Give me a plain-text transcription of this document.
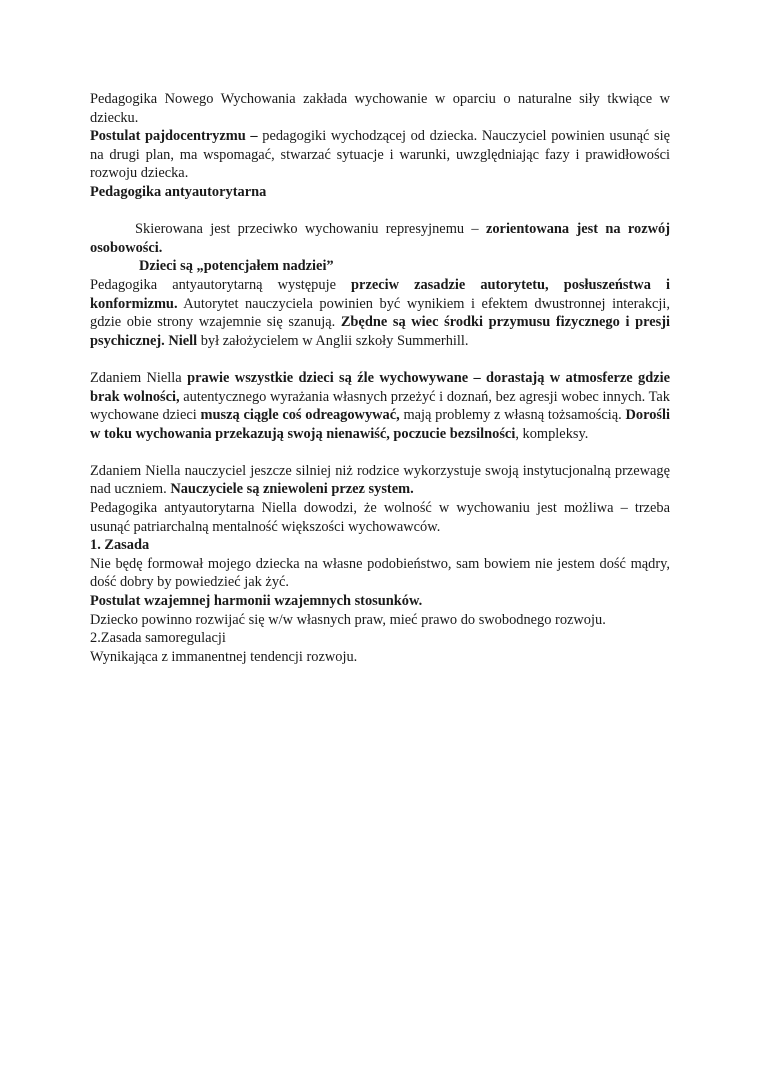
Pedagogika Nowego Wychowania zakłada wychowanie w oparciu o naturalne siły tkwiące w dziecku.

Postulat pajdocentryzmu – pedagogiki wychodzącej od dziecka. Nauczyciel powinien usunąć się na drugi plan, ma wspomagać, stwarzać sytuacje i warunki, uwzględniając fazy i prawidłowości rozwoju dziecka.

Pedagogika antyautorytarna

Skierowana jest przeciwko wychowaniu represyjnemu – zorientowana jest na rozwój osobowości.

Dzieci są „potencjałem nadziei”

Pedagogika antyautorytarną występuje przeciw zasadzie autorytetu, posłuszeństwa i konformizmu. Autorytet nauczyciela powinien być wynikiem i efektem dwustronnej interakcji, gdzie obie strony wzajemnie się szanują. Zbędne są wiec środki przymusu fizycznego i presji psychicznej. Niell był założycielem w Anglii szkoły Summerhill.

Zdaniem Niella prawie wszystkie dzieci są źle wychowywane – dorastają w atmosferze gdzie brak wolności, autentycznego wyrażania własnych przeżyć i doznań, bez agresji wobec innych. Tak wychowane dzieci muszą ciągle coś odreagowywać, mają problemy z własną tożsamością. Dorośli w toku wychowania przekazują swoją nienawiść, poczucie bezsilności, kompleksy.

Zdaniem Niella nauczyciel jeszcze silniej niż rodzice wykorzystuje swoją instytucjonalną przewagę nad uczniem. Nauczyciele są zniewoleni przez system.

Pedagogika antyautorytarna Niella dowodzi, że wolność w wychowaniu jest możliwa – trzeba usunąć patriarchalną mentalność większości wychowawców.

1. Zasada

Nie będę formował mojego dziecka na własne podobieństwo, sam bowiem nie jestem dość mądry, dość dobry by powiedzieć jak żyć.

Postulat wzajemnej harmonii wzajemnych stosunków.

Dziecko powinno rozwijać się w/w własnych praw, mieć prawo do swobodnego rozwoju.

2.Zasada samoregulacji

Wynikająca z immanentnej tendencji rozwoju.
